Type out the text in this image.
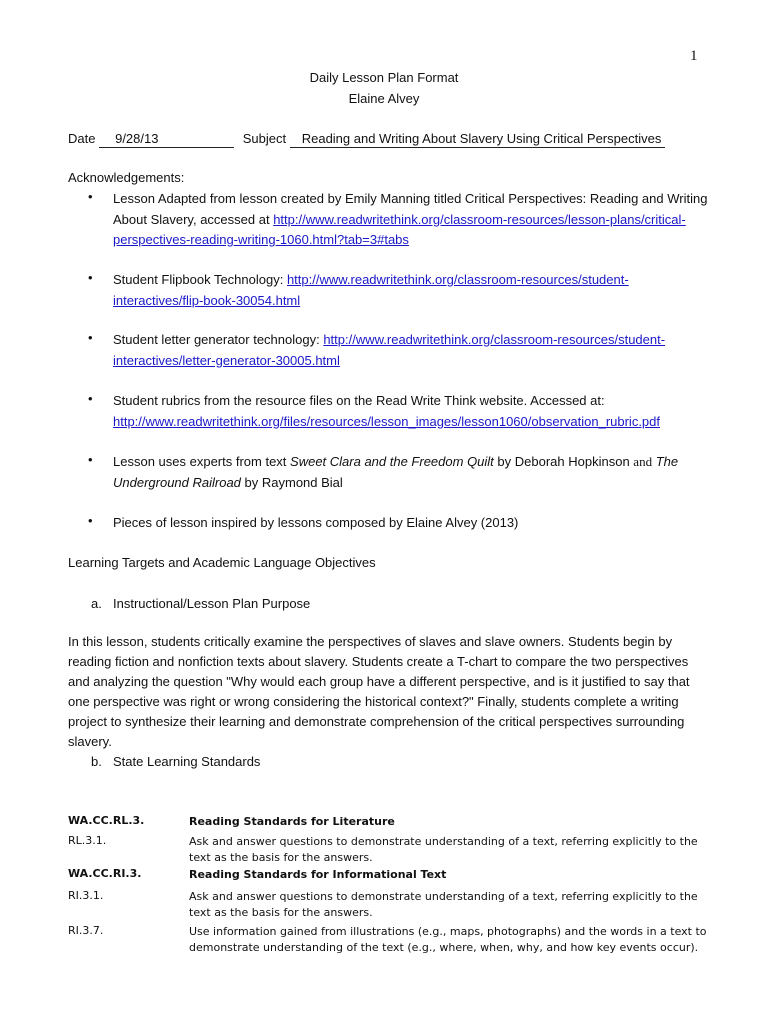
1
Daily Lesson Plan Format
Elaine Alvey
Date 9/28/13	Subject Reading and Writing About Slavery Using Critical Perspectives
Acknowledgements:
• Lesson Adapted from lesson created by Emily Manning titled Critical Perspectives: Reading and Writing About Slavery, accessed at http://www.readwritethink.org/classroom-resources/lesson-plans/critical-perspectives-reading-writing-1060.html?tab=3#tabs
• Student Flipbook Technology: http://www.readwritethink.org/classroom-resources/student-interactives/flip-book-30054.html
• Student letter generator technology: http://www.readwritethink.org/classroom-resources/student-interactives/letter-generator-30005.html
• Student rubrics from the resource files on the Read Write Think website. Accessed at:
http://www.readwritethink.org/files/resources/lesson_images/lesson1060/observation_rubric.pdf
• Lesson uses experts from text Sweet Clara and the Freedom Quilt by Deborah Hopkinson and The Underground Railroad by Raymond Bial
• Pieces of lesson inspired by lessons composed by Elaine Alvey (2013)
Learning Targets and Academic Language Objectives
a. Instructional/Lesson Plan Purpose
In this lesson, students critically examine the perspectives of slaves and slave owners. Students begin by reading fiction and nonfiction texts about slavery. Students create a T-chart to compare the two perspectives and analyzing the question "Why would each group have a different perspective, and is it justified to say that one perspective was right or wrong considering the historical context?" Finally, students complete a writing project to synthesize their learning and demonstrate comprehension of the critical perspectives surrounding slavery.
b. State Learning Standards
WA.CC.RL.3.	Reading Standards for Literature
RL.3.1.	Ask and answer questions to demonstrate understanding of a text, referring explicitly to the text as the basis for the answers.
WA.CC.RI.3.	Reading Standards for Informational Text
RI.3.1.	Ask and answer questions to demonstrate understanding of a text, referring explicitly to the text as the basis for the answers.
RI.3.7.	Use information gained from illustrations (e.g., maps, photographs) and the words in a text to demonstrate understanding of the text (e.g., where, when, why, and how key events occur).
